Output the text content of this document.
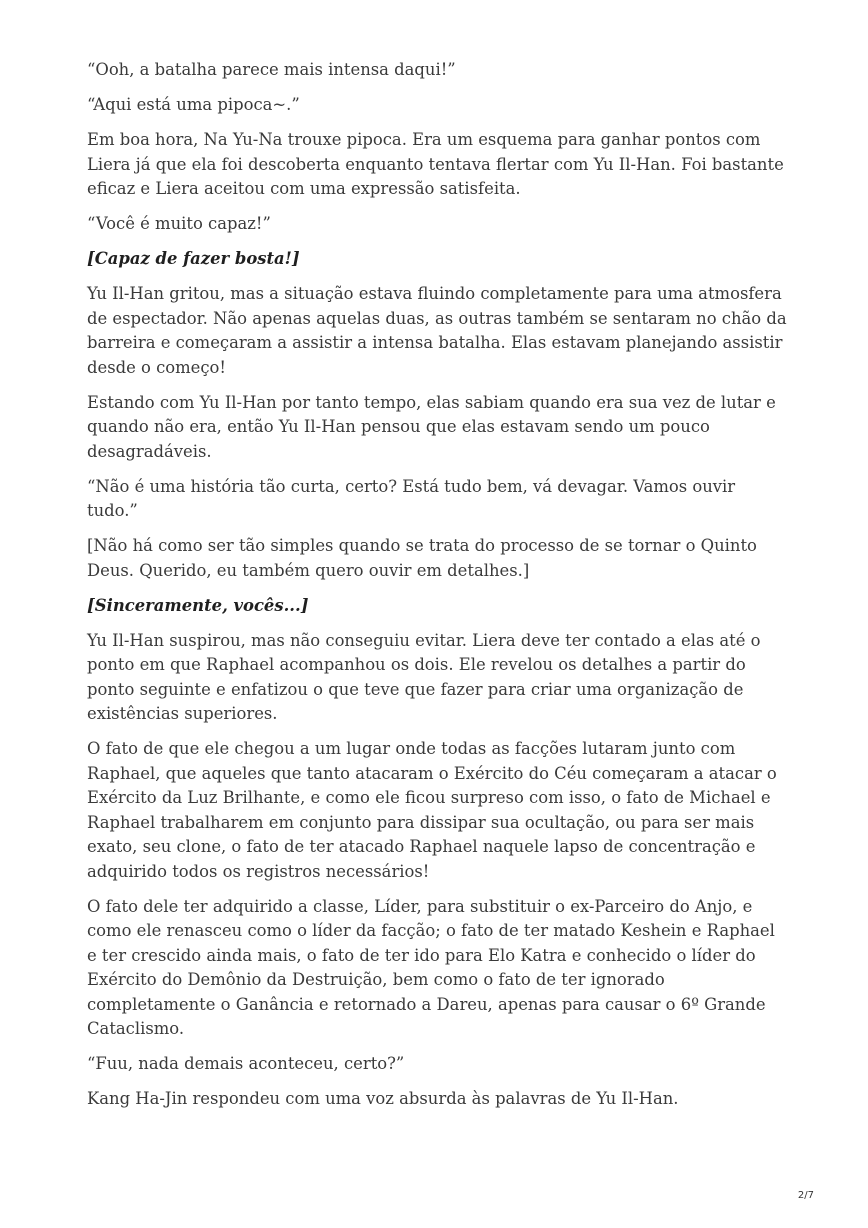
“Ooh, a batalha parece mais intensa daqui!”

“Aqui está uma pipoca~.”

Em boa hora, Na Yu-Na trouxe pipoca. Era um esquema para ganhar pontos com Liera já que ela foi descoberta enquanto tentava flertar com Yu Il-Han. Foi bastante eficaz e Liera aceitou com uma expressão satisfeita.

“Você é muito capaz!”

[Capaz de fazer bosta!]

Yu Il-Han gritou, mas a situação estava fluindo completamente para uma atmosfera de espectador. Não apenas aquelas duas, as outras também se sentaram no chão da barreira e começaram a assistir a intensa batalha. Elas estavam planejando assistir desde o começo!

Estando com Yu Il-Han por tanto tempo, elas sabiam quando era sua vez de lutar e quando não era, então Yu Il-Han pensou que elas estavam sendo um pouco desagradáveis.

“Não é uma história tão curta, certo? Está tudo bem, vá devagar. Vamos ouvir tudo.”

[Não há como ser tão simples quando se trata do processo de se tornar o Quinto Deus. Querido, eu também quero ouvir em detalhes.]

[Sinceramente, vocês...]

Yu Il-Han suspirou, mas não conseguiu evitar. Liera deve ter contado a elas até o ponto em que Raphael acompanhou os dois. Ele revelou os detalhes a partir do ponto seguinte e enfatizou o que teve que fazer para criar uma organização de existências superiores.

O fato de que ele chegou a um lugar onde todas as facções lutaram junto com Raphael, que aqueles que tanto atacaram o Exército do Céu começaram a atacar o Exército da Luz Brilhante, e como ele ficou surpreso com isso, o fato de Michael e Raphael trabalharem em conjunto para dissipar sua ocultação, ou para ser mais exato, seu clone, o fato de ter atacado Raphael naquele lapso de concentração e adquirido todos os registros necessários!

O fato dele ter adquirido a classe, Líder, para substituir o ex-Parceiro do Anjo, e como ele renasceu como o líder da facção; o fato de ter matado Keshein e Raphael e ter crescido ainda mais, o fato de ter ido para Elo Katra e conhecido o líder do Exército do Demônio da Destruição, bem como o fato de ter ignorado completamente o Ganância e retornado a Dareu, apenas para causar o 6º Grande Cataclismo.

“Fuu, nada demais aconteceu, certo?”

Kang Ha-Jin respondeu com uma voz absurda às palavras de Yu Il-Han.

2/7
